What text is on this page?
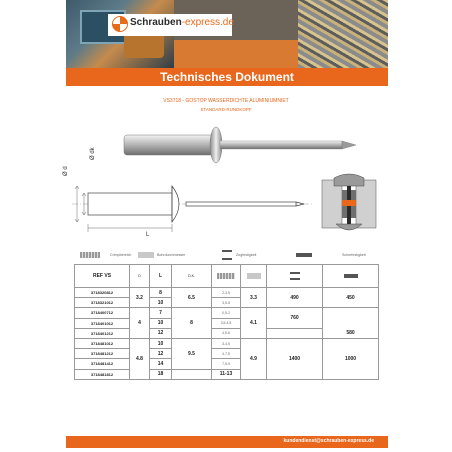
Schrauben-express.de
Technisches Dokument
VS3718 - GOSTOP WASSERDICHTE ALUMINIUMNIET
STANDARD-RUNDKOPF
Ø d
Ø dk
L
Crimpbereich	Bohrdurchmesser	Zugfestigkeit	Scherfestigkeit
REF VS	D	L	D.K.	

3718320812	3.2	8	6.5	2-3,5	3.3	490	450
3718321012		10		3,5-5			
3718400712	4	7	8	0,5-2	4.1	760	580
3718401012		10		3,5-4,5			
3718401212		12		4,5-6			
3718481012	4.8	10	9.5	3-4,5	4.9	1400	1000
3718481212		12		4-7,5			
3718481412		14		7,5-9			
3718481812		18		11-13			
kundendienst@schrauben-express.de
